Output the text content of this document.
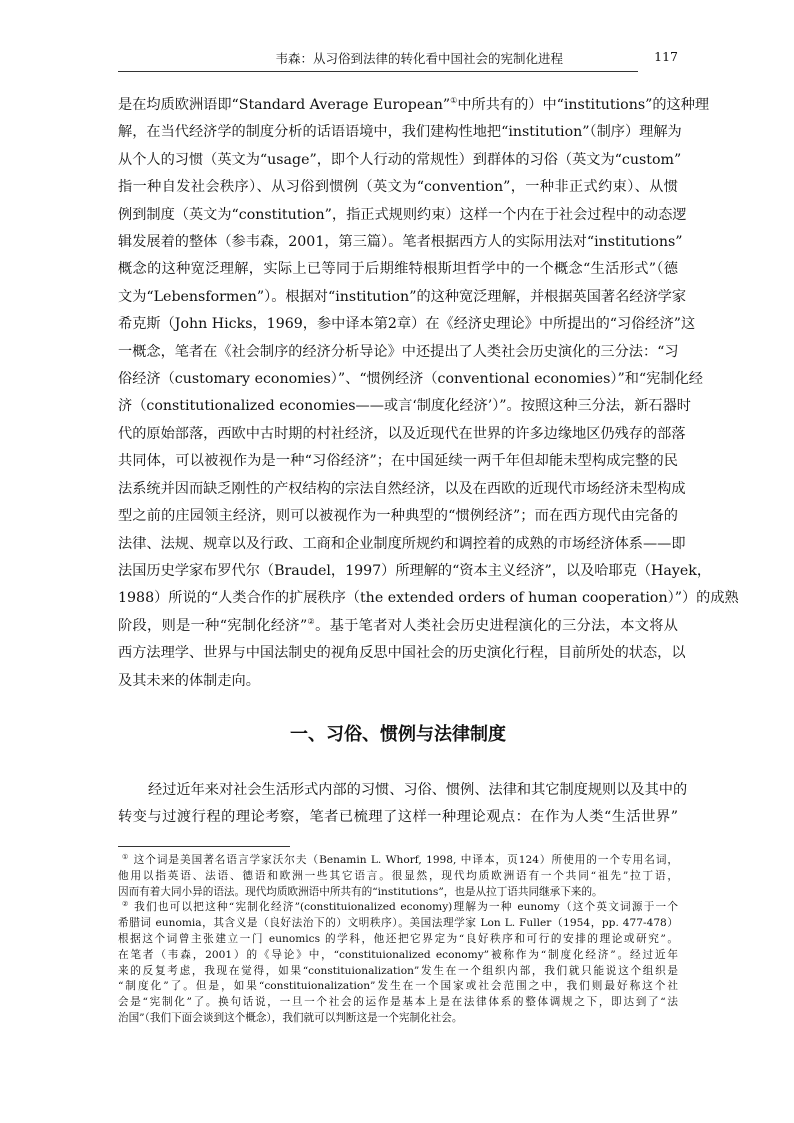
韦森：从习俗到法律的转化看中国社会的宪制化进程	117
是在均质欧洲语即“Standard Average European”①中所共有的）中“institutions”的这种理
解，在当代经济学的制度分析的话语语境中，我们建构性地把“institution”（制序）理解为
从个人的习惯（英文为“usage”，即个人行动的常规性）到群体的习俗（英文为“custom”
指一种自发社会秩序）、从习俗到惯例（英文为“convention”，一种非正式约束）、从惯
例到制度（英文为“constitution”，指正式规则约束）这样一个内在于社会过程中的动态逻
辑发展着的整体（参韦森，2001，第三篇）。笔者根据西方人的实际用法对“institutions”
概念的这种宽泛理解，实际上已等同于后期维特根斯坦哲学中的一个概念“生活形式”（德
文为“Lebensformen”）。根据对“institution”的这种宽泛理解，并根据英国著名经济学家
希克斯（John Hicks，1969，参中译本第2章）在《经济史理论》中所提出的“习俗经济”这
一概念，笔者在《社会制序的经济分析导论》中还提出了人类社会历史演化的三分法：“习
俗经济（customary economies）”、“惯例经济（conventional economies）”和“宪制化经
济（constitutionalized economies——或言‘制度化经济’）”。按照这种三分法，新石器时
代的原始部落，西欧中古时期的村社经济，以及近现代在世界的许多边缘地区仍残存的部落
共同体，可以被视作为是一种“习俗经济”；在中国延续一两千年但却能未型构成完整的民
法系统并因而缺乏刚性的产权结构的宗法自然经济，以及在西欧的近现代市场经济未型构成
型之前的庄园领主经济，则可以被视作为一种典型的“惯例经济”；而在西方现代由完备的
法律、法规、规章以及行政、工商和企业制度所规约和调控着的成熟的市场经济体系——即
法国历史学家布罗代尔（Braudel，1997）所理解的“资本主义经济”，以及哈耶克（Hayek，
1988）所说的“人类合作的扩展秩序（the extended orders of human cooperation）”）的成熟
阶段，则是一种“宪制化经济”②。基于笔者对人类社会历史进程演化的三分法，本文将从
西方法理学、世界与中国法制史的视角反思中国社会的历史演化行程，目前所处的状态，以
及其未来的体制走向。
一、习俗、惯例与法律制度
经过近年来对社会生活形式内部的习惯、习俗、惯例、法律和其它制度规则以及其中的
转变与过渡行程的理论考察，笔者已梳理了这样一种理论观点：在作为人类“生活世界”
① 这个词是美国著名语言学家沃尔夫（Benamin L. Whorf, 1998, 中译本，页124）所使用的一个专用名词，
他用以指英语、法语、德语和欧洲一些其它语言。很显然，现代均质欧洲语有一个共同“祖先”拉丁语，
因而有着大同小异的语法。现代均质欧洲语中所共有的“institutions”，也是从拉丁语共同继承下来的。
② 我们也可以把这种“宪制化经济”(constituionalized economy)理解为一种 eunomy（这个英文词源于一个
希腊词 eunomia，其含义是（良好法治下的）文明秩序）。美国法理学家 Lon L. Fuller（1954，pp. 477-478）
根据这个词曾主张建立一门 eunomics 的学科，他还把它界定为“良好秩序和可行的安排的理论或研究”。
在笔者（韦森，2001）的《导论》中，“constituionalized economy”被称作为“制度化经济”。经过近年
来的反复考虑，我现在觉得，如果“constituionalization”发生在一个组织内部，我们就只能说这个组织是
“制度化”了。但是，如果“constituionalization”发生在一个国家或社会范围之中，我们则最好称这个社
会是“宪制化”了。换句话说，一旦一个社会的运作是基本上是在法律体系的整体调规之下，即达到了“法
治国”（我们下面会谈到这个概念），我们就可以判断这是一个宪制化社会。
